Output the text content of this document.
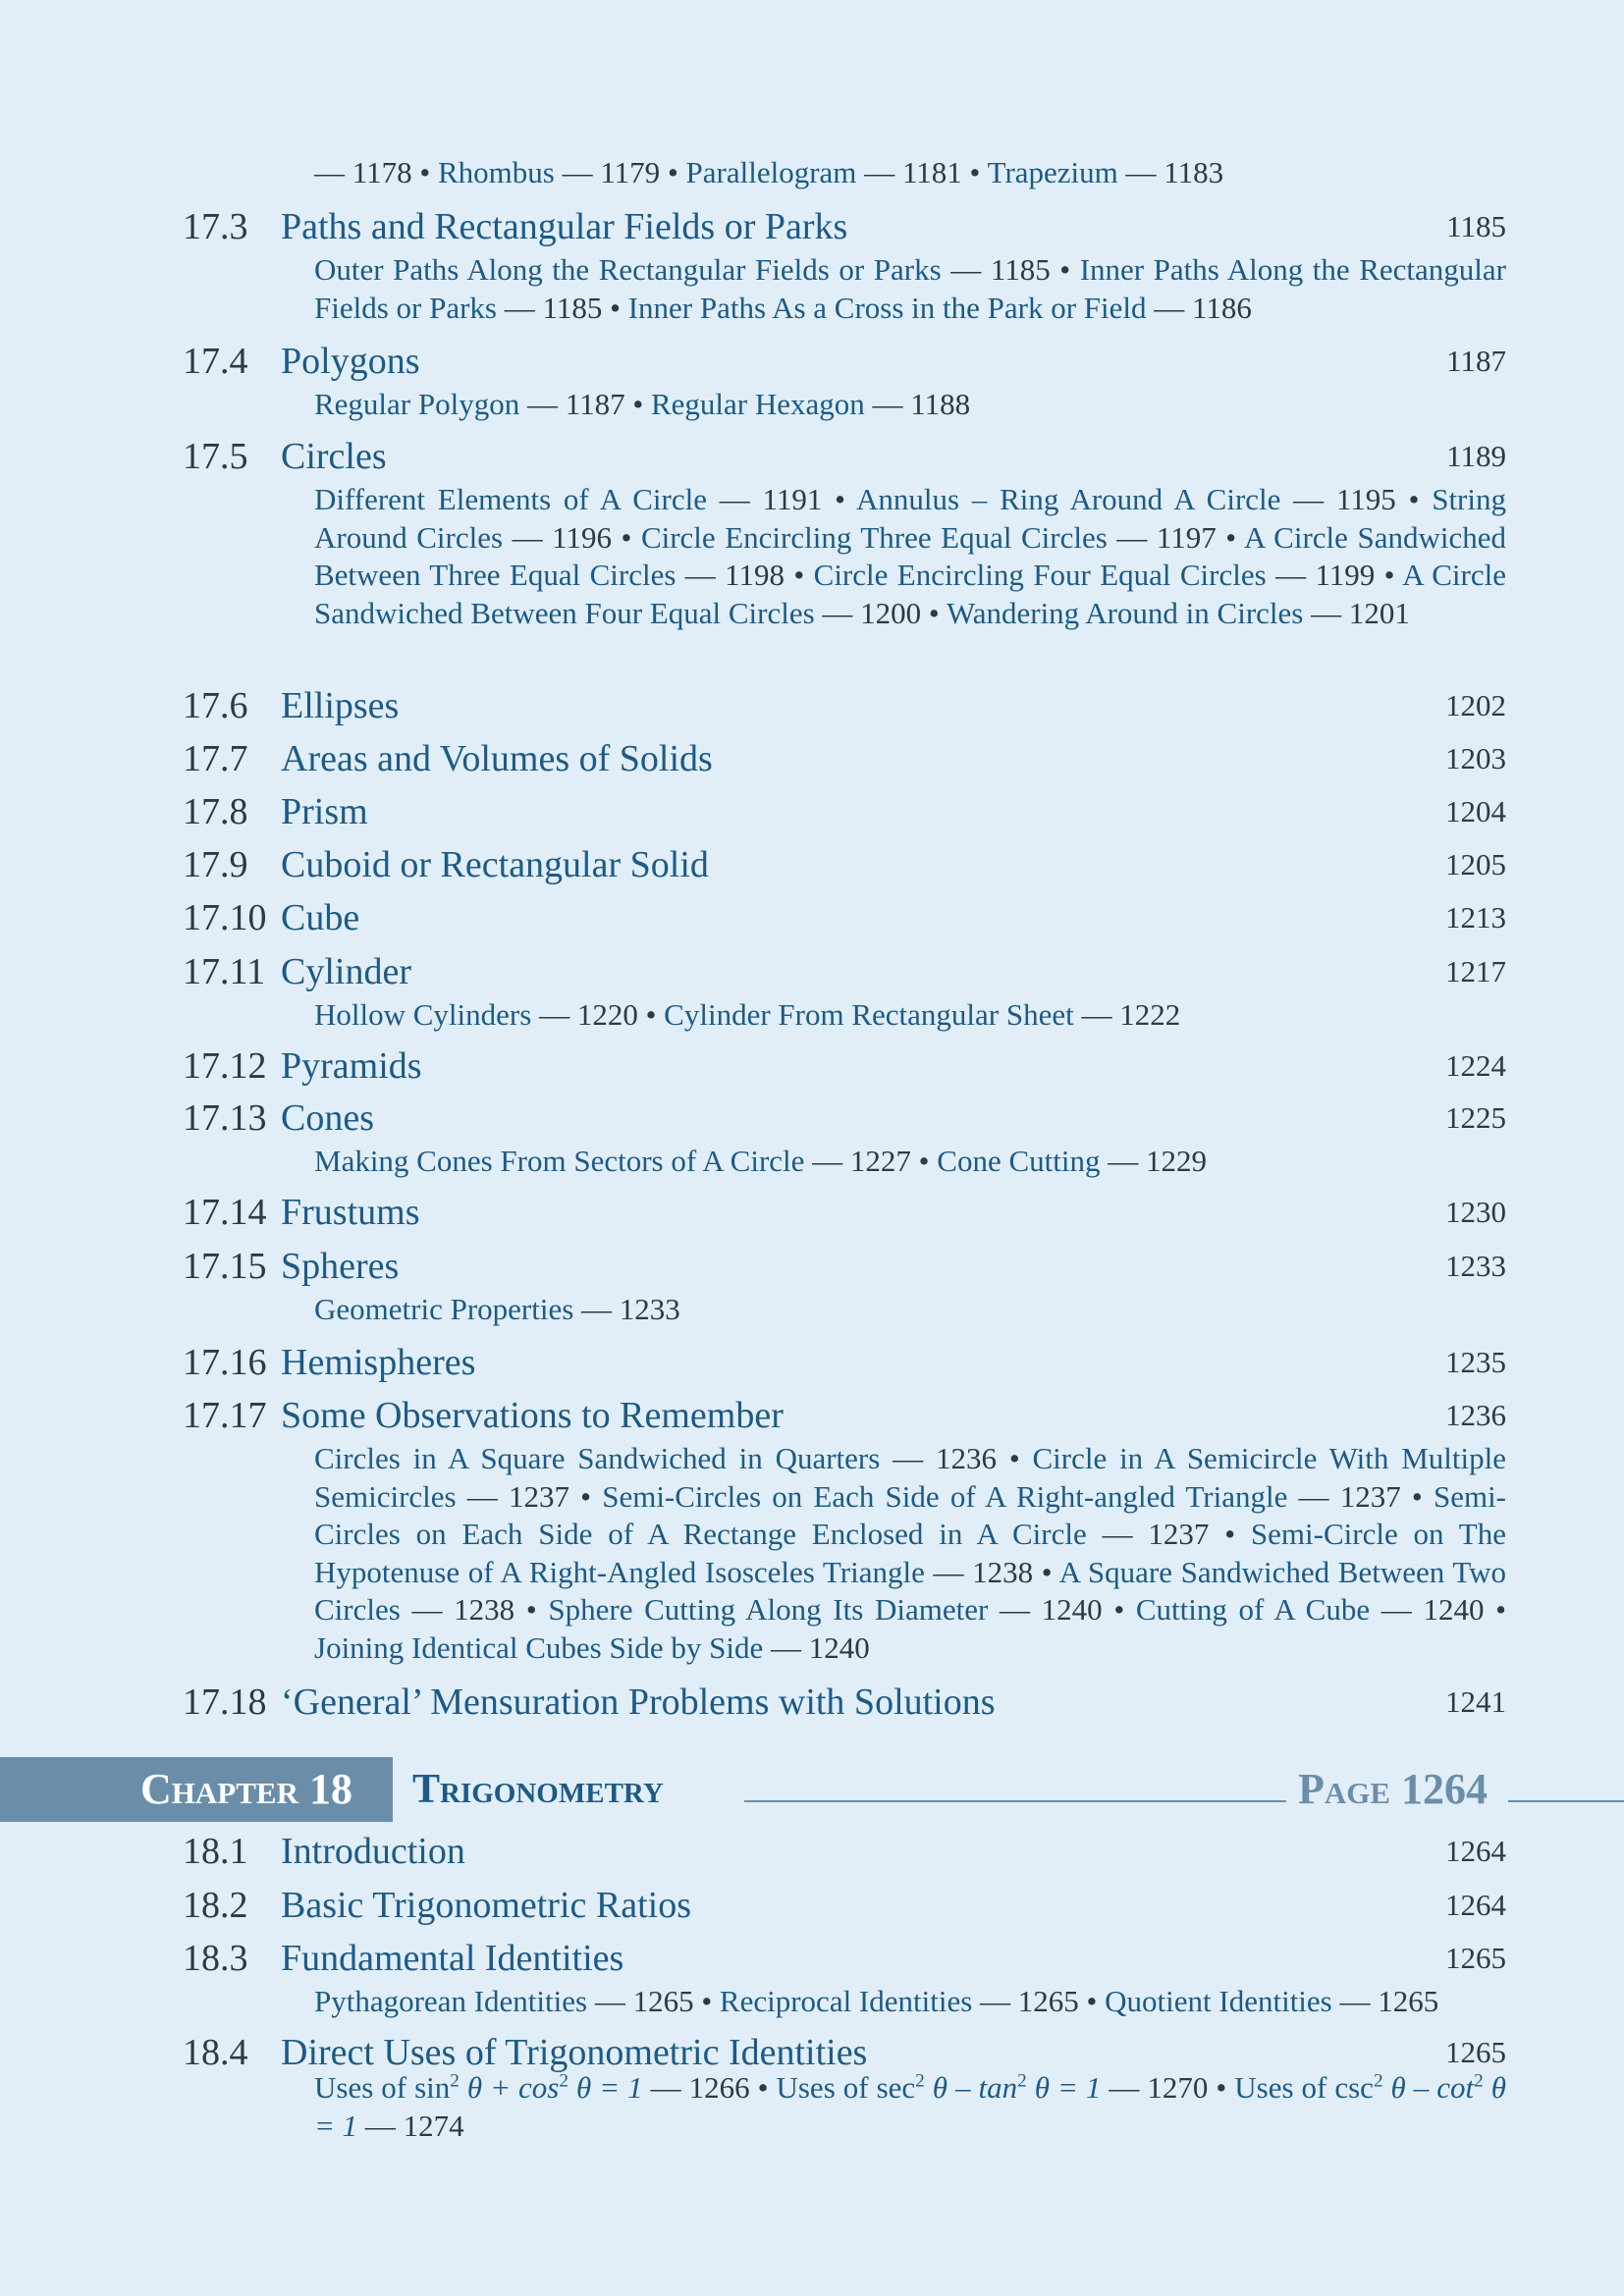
— 1178 • Rhombus — 1179 • Parallelogram — 1181 • Trapezium — 1183
17.3 Paths and Rectangular Fields or Parks	1185
Outer Paths Along the Rectangular Fields or Parks — 1185 • Inner Paths Along the Rectangular Fields or Parks — 1185 • Inner Paths As a Cross in the Park or Field — 1186
17.4 Polygons	1187
Regular Polygon — 1187 • Regular Hexagon — 1188
17.5 Circles	1189
Different Elements of A Circle — 1191 • Annulus – Ring Around A Circle — 1195 • String Around Circles — 1196 • Circle Encircling Three Equal Circles — 1197 • A Circle Sandwiched Between Three Equal Circles — 1198 • Circle Encircling Four Equal Circles — 1199 • A Circle Sandwiched Between Four Equal Circles — 1200 • Wandering Around in Circles — 1201
17.6 Ellipses	1202
17.7 Areas and Volumes of Solids	1203
17.8 Prism	1204
17.9 Cuboid or Rectangular Solid	1205
17.10 Cube	1213
17.11 Cylinder	1217
Hollow Cylinders — 1220 • Cylinder From Rectangular Sheet — 1222
17.12 Pyramids	1224
17.13 Cones	1225
Making Cones From Sectors of A Circle — 1227 • Cone Cutting — 1229
17.14 Frustums	1230
17.15 Spheres	1233
Geometric Properties — 1233
17.16 Hemispheres	1235
17.17 Some Observations to Remember	1236
Circles in A Square Sandwiched in Quarters — 1236 • Circle in A Semicircle With Multiple Semicircles — 1237 • Semi-Circles on Each Side of A Right-angled Triangle — 1237 • Semi-Circles on Each Side of A Rectange Enclosed in A Circle — 1237 • Semi-Circle on The Hypotenuse of A Right-Angled Isosceles Triangle — 1238 • A Square Sandwiched Between Two Circles — 1238 • Sphere Cutting Along Its Diameter — 1240 • Cutting of A Cube — 1240 • Joining Identical Cubes Side by Side — 1240
17.18 ‘General’ Mensuration Problems with Solutions	1241
Chapter 18 Trigonometry	Page 1264
18.1 Introduction	1264
18.2 Basic Trigonometric Ratios	1264
18.3 Fundamental Identities	1265
Pythagorean Identities — 1265 • Reciprocal Identities — 1265 • Quotient Identities — 1265
18.4 Direct Uses of Trigonometric Identities	1265
Uses of $\sin^2 \theta + \cos^2 \theta = 1$ — 1266 • Uses of $\sec^2 \theta - \tan^2 \theta = 1$ — 1270 • Uses of $\csc^2 \theta - \cot^2 \theta = 1$ — 1274
